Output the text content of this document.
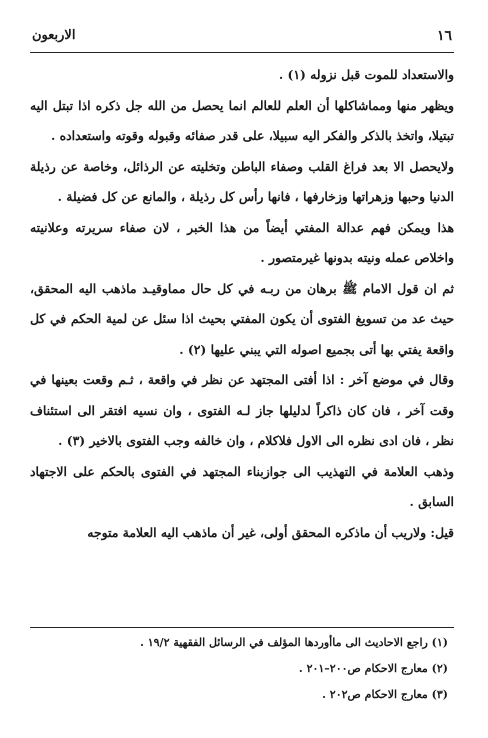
١٦
الاربعون

والاستعداد للموت قبل نزوله (١) .

ويظهر منها ومماشاكلها أن العلم للعالم انما يحصل من الله جل ذكره اذا تبتل اليه تبتيلا، واتخذ بالذكر والفكر اليه سبيلا، على قدر صفائه وقبوله وقوته واستعداده .

ولايحصل الا بعد فراغ القلب وصفاء الباطن وتخليته عن الرذائل، وخاصة عن رذيلة الدنيا وحبها وزهراتها وزخارفها ، فانها رأس كل رذيلة ، والمانع عن كل فضيلة .

هذا ويمكن فهم عدالة المفتي أيضاً من هذا الخبر ، لان صفاء سريرته وعلانيته واخلاص عمله ونيته بدونها غيرمتصور .

ثم ان قول الامام ﷺ برهان من ربـه في كل حال مماوقيـد ماذهب اليه المحقق، حيث عد من تسويغ الفتوى أن يكون المفتي بحيث اذا سئل عن لمية الحكم في كل واقعة يفتي بها أتى بجميع اصوله التي يبني عليها (٢) .

وقال في موضع آخر : اذا أفتى المجتهد عن نظر في واقعة ، ثـم وقعت بعينها في وقت آخر ، فان كان ذاكراً لدليلها جاز لـه الفتوى ، وان نسيه افتقر الى استئناف نظر ، فان ادى نظره الى الاول فلاكلام ، وان خالفه وجب الفتوى بالاخير (٣) .

وذهب العلامة في التهذيب الى جوازبناء المجتهد في الفتوى بالحكم على الاجتهاد السابق .

قيل: ولاريب أن ماذكره المحقق أولى، غير أن ماذهب اليه العلامة متوجه

(١) راجع الاحاديث الى ماأوردها المؤلف في الرسائل الفقهية ١٩/٢ .
(٢) معارج الاحكام ص٢٠٠–٢٠١ .
(٣) معارج الاحكام ص٢٠٢ .
